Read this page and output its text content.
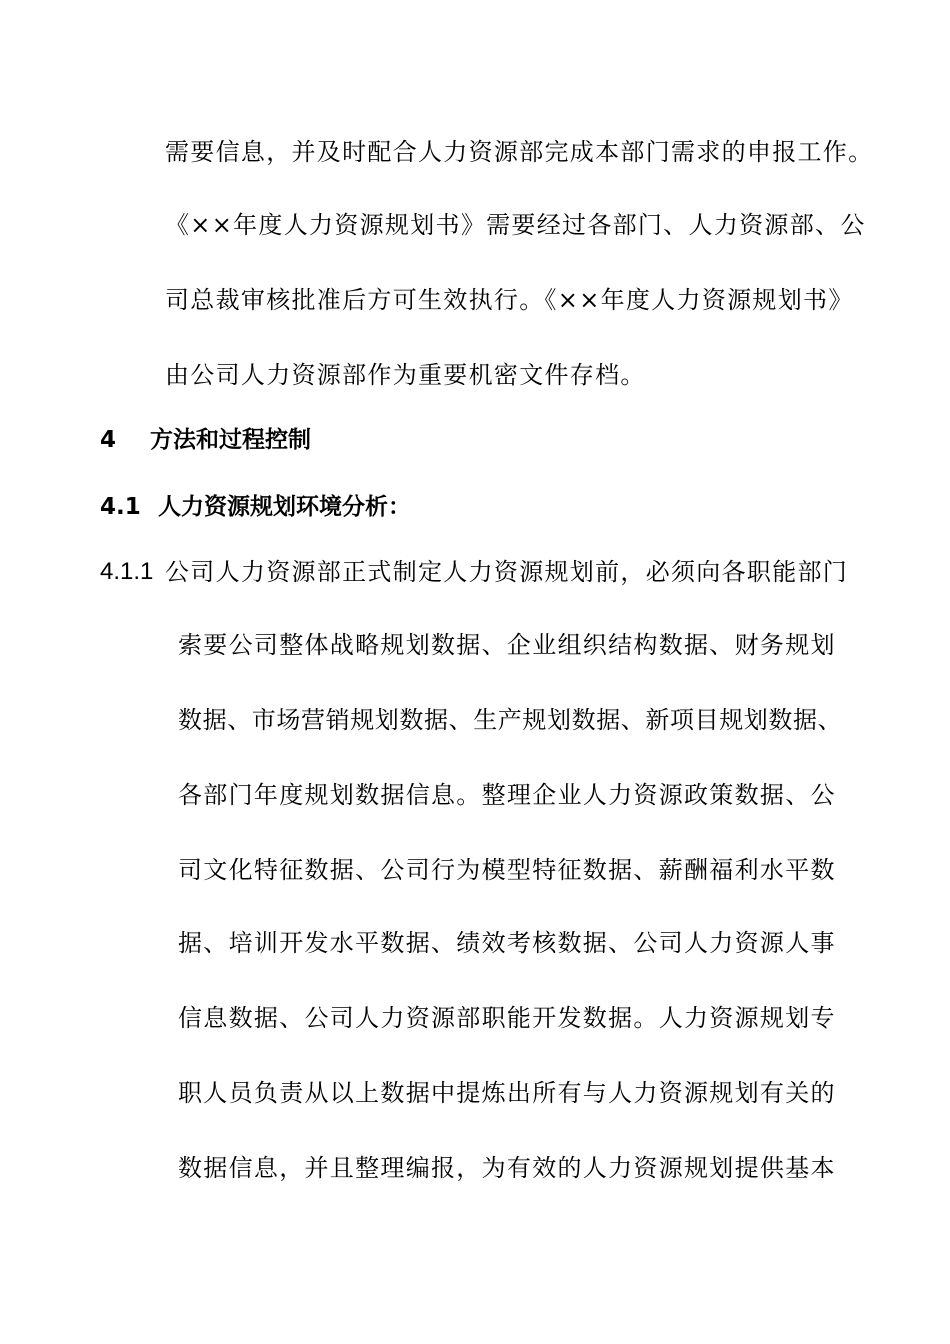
需要信息，并及时配合人力资源部完成本部门需求的申报工作。
《××年度人力资源规划书》需要经过各部门、人力资源部、公
司总裁审核批准后方可生效执行。《××年度人力资源规划书》
由公司人力资源部作为重要机密文件存档。
4 方法和过程控制
4.1 人力资源规划环境分析：
4.1.1 公司人力资源部正式制定人力资源规划前，必须向各职能部门
索要公司整体战略规划数据、企业组织结构数据、财务规划
数据、市场营销规划数据、生产规划数据、新项目规划数据、
各部门年度规划数据信息。整理企业人力资源政策数据、公
司文化特征数据、公司行为模型特征数据、薪酬福利水平数
据、培训开发水平数据、绩效考核数据、公司人力资源人事
信息数据、公司人力资源部职能开发数据。人力资源规划专
职人员负责从以上数据中提炼出所有与人力资源规划有关的
数据信息，并且整理编报，为有效的人力资源规划提供基本
